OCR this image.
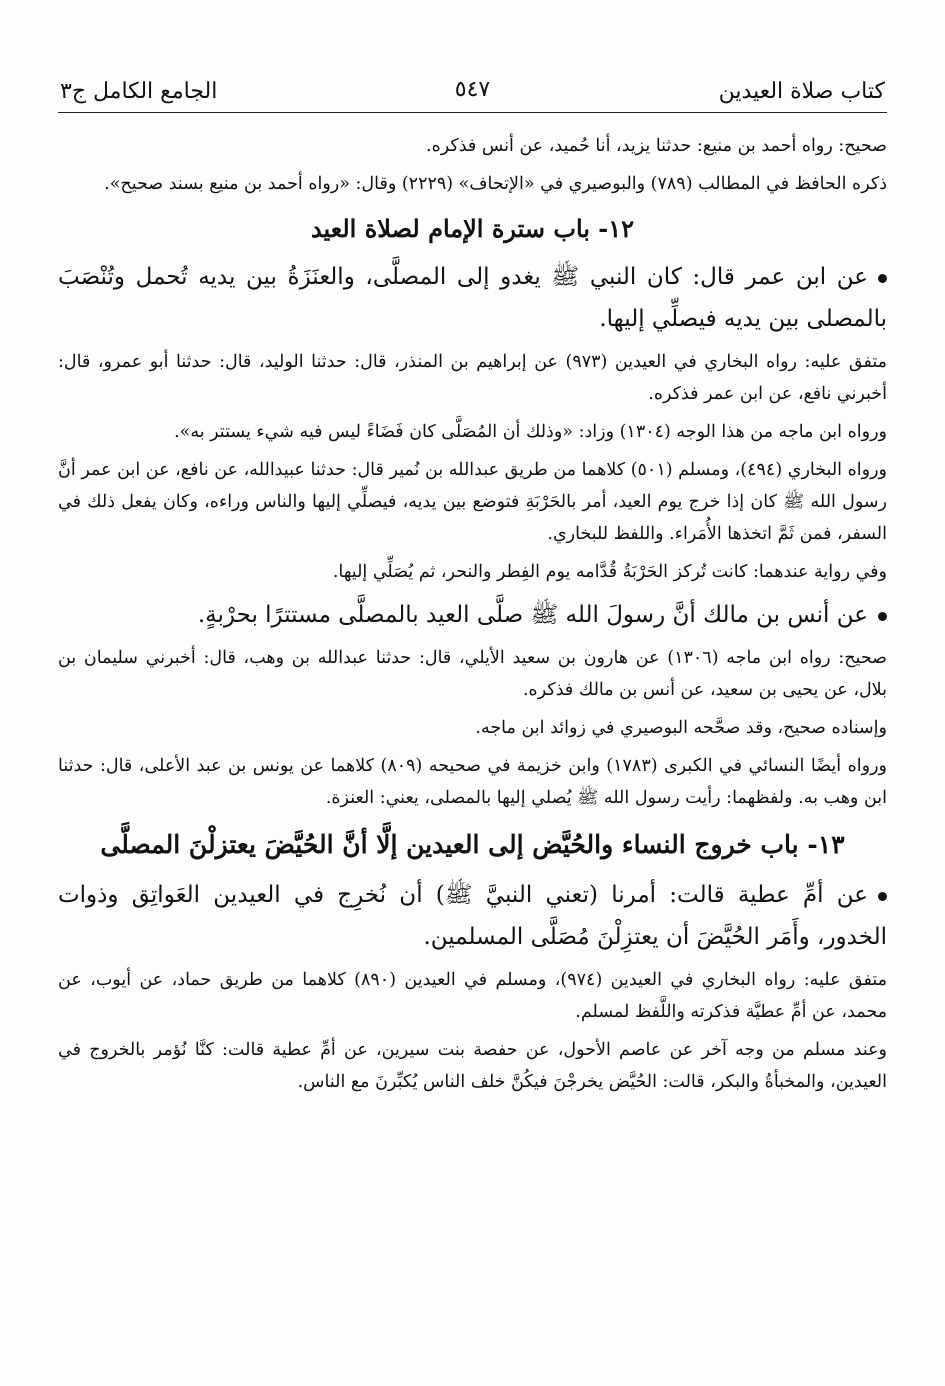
كتاب صلاة العيدين
٥٤٧
الجامع الكامل ج٣

صحيح: رواه أحمد بن منيع: حدثنا يزيد، أنا حُميد، عن أنس فذكره.

ذكره الحافظ في المطالب (٧٨٩) والبوصيري في «الإتحاف» (٢٢٢٩) وقال: «رواه أحمد بن منيع بسند صحيح».

١٢- باب سترة الإمام لصلاة العيد

عن ابن عمر قال: كان النبي ﷺ يغدو إلى المصلَّى، والعنَزَةُ بين يديه تُحمل وتُنْصَبَ بالمصلى بين يديه فيصلِّي إليها.

متفق عليه: رواه البخاري في العيدين (٩٧٣) عن إبراهيم بن المنذر، قال: حدثنا الوليد، قال: حدثنا أبو عمرو، قال: أخبرني نافع، عن ابن عمر فذكره.

ورواه ابن ماجه من هذا الوجه (١٣٠٤) وزاد: «وذلك أن المُصَلَّى كان فَضَاءً ليس فيه شيء يستتر به».

ورواه البخاري (٤٩٤)، ومسلم (٥٠١) كلاهما من طريق عبدالله بن نُمير قال: حدثنا عبيدالله، عن نافع، عن ابن عمر أنَّ رسول الله ﷺ كان إذا خرج يوم العيد، أمر بالحَرْبَةِ فتوضع بين يديه، فيصلِّي إليها والناس وراءه، وكان يفعل ذلك في السفر، فمن ثَمَّ اتخذها الأُمَراء. واللفظ للبخاري.

وفي رواية عندهما: كانت تُركز الحَرْبَةُ قُدَّامه يوم الفِطر والنحر، ثم يُصَلِّي إليها.

عن أنس بن مالك أنَّ رسولَ الله ﷺ صلَّى العيد بالمصلَّى مستترًا بحرْبةٍ.

صحيح: رواه ابن ماجه (١٣٠٦) عن هارون بن سعيد الأيلي، قال: حدثنا عبدالله بن وهب، قال: أخبرني سليمان بن بلال، عن يحيى بن سعيد، عن أنس بن مالك فذكره.

وإسناده صحيح، وقد صحَّحه البوصيري في زوائد ابن ماجه.

ورواه أيضًا النسائي في الكبرى (١٧٨٣) وابن خزيمة في صحيحه (٨٠٩) كلاهما عن يونس بن عبد الأعلى، قال: حدثنا ابن وهب به. ولفظهما: رأيت رسول الله ﷺ يُصلي إليها بالمصلى، يعني: العنزة.

١٣- باب خروج النساء والحُيَّض إلى العيدين إلَّا أنَّ الحُيَّضَ يعتزلْنَ المصلَّى

عن أمِّ عطية قالت: أمرنا (تعني النبيَّ ﷺ) أن نُخرِج في العيدين العَواتِق وذوات الخدور، وأَمَر الحُيَّضَ أن يعتزِلْنَ مُصَلَّى المسلمين.

متفق عليه: رواه البخاري في العيدين (٩٧٤)، ومسلم في العيدين (٨٩٠) كلاهما من طريق حماد، عن أيوب، عن محمد، عن أمِّ عطيَّة فذكرته واللَّفظ لمسلم.

وعند مسلم من وجه آخر عن عاصم الأحول، عن حفصة بنت سيرين، عن أمِّ عطية قالت: كنَّا نُؤمر بالخروج في العيدين، والمخبأةُ والبكر، قالت: الحُيَّض يخرجْنَ فيكُنَّ خلف الناس يُكبِّرنَ مع الناس.
